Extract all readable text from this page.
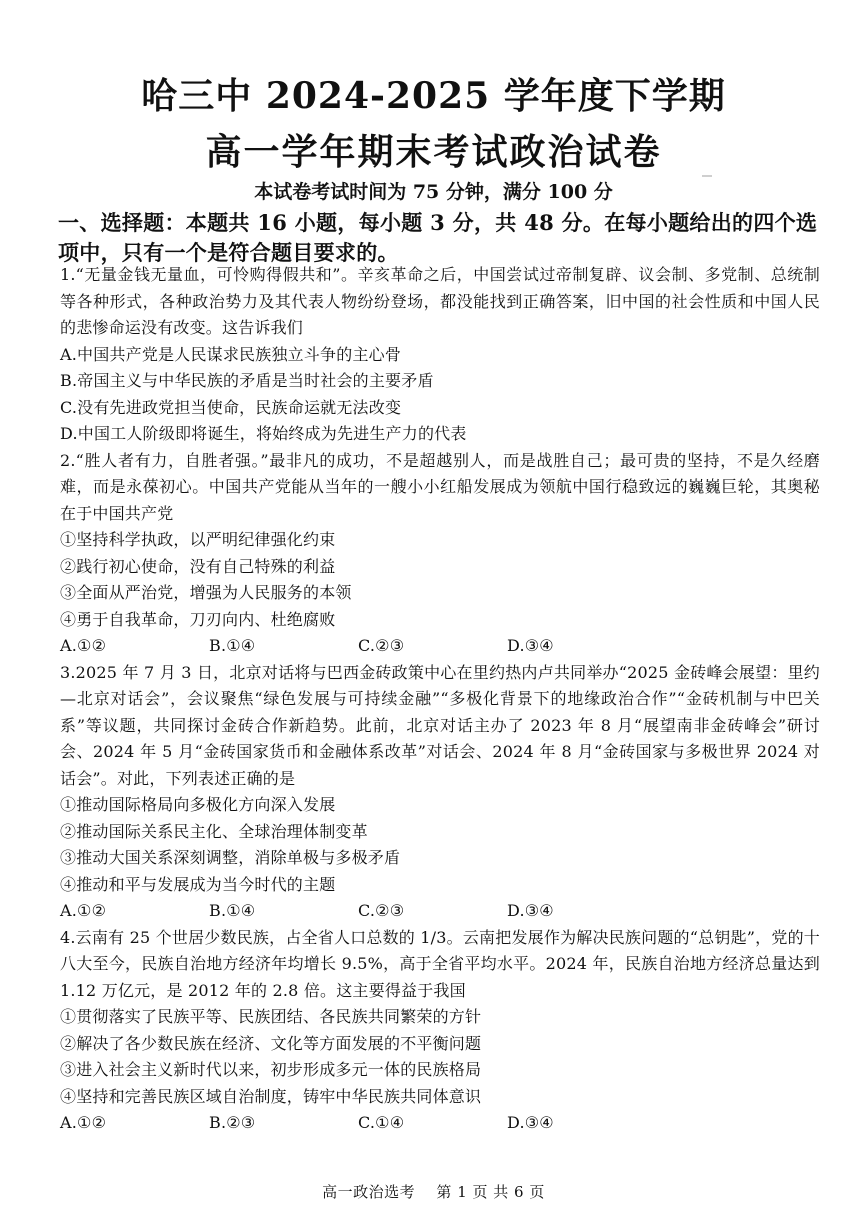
哈三中 2024-2025 学年度下学期
高一学年期末考试政治试卷
本试卷考试时间为 75 分钟，满分 100 分
一、选择题：本题共 16 小题，每小题 3 分，共 48 分。在每小题给出的四个选项中，只有一个是符合题目要求的。

1.“无量金钱无量血，可怜购得假共和”。辛亥革命之后，中国尝试过帝制复辟、议会制、多党制、总统制等各种形式，各种政治势力及其代表人物纷纷登场，都没能找到正确答案，旧中国的社会性质和中国人民的悲惨命运没有改变。这告诉我们

A.中国共产党是人民谋求民族独立斗争的主心骨

B.帝国主义与中华民族的矛盾是当时社会的主要矛盾

C.没有先进政党担当使命，民族命运就无法改变

D.中国工人阶级即将诞生，将始终成为先进生产力的代表

2.“胜人者有力，自胜者强。”最非凡的成功，不是超越别人，而是战胜自己；最可贵的坚持，不是久经磨难，而是永葆初心。中国共产党能从当年的一艘小小红船发展成为领航中国行稳致远的巍巍巨轮，其奥秘在于中国共产党

①坚持科学执政，以严明纪律强化约束

②践行初心使命，没有自己特殊的利益

③全面从严治党，增强为人民服务的本领

④勇于自我革命，刀刃向内、杜绝腐败

A.①②	B.①④	C.②③	D.③④

3.2025 年 7 月 3 日，北京对话将与巴西金砖政策中心在里约热内卢共同举办“2025 金砖峰会展望：里约—北京对话会”，会议聚焦“绿色发展与可持续金融”“多极化背景下的地缘政治合作”“金砖机制与中巴关系”等议题，共同探讨金砖合作新趋势。此前，北京对话主办了 2023 年 8 月“展望南非金砖峰会”研讨会、2024 年 5 月“金砖国家货币和金融体系改革”对话会、2024 年 8 月“金砖国家与多极世界 2024 对话会”。对此，下列表述正确的是

①推动国际格局向多极化方向深入发展

②推动国际关系民主化、全球治理体制变革

③推动大国关系深刻调整，消除单极与多极矛盾

④推动和平与发展成为当今时代的主题

A.①②	B.①④	C.②③	D.③④

4.云南有 25 个世居少数民族，占全省人口总数的 1/3。云南把发展作为解决民族问题的“总钥匙”，党的十八大至今，民族自治地方经济年均增长 9.5%，高于全省平均水平。2024 年，民族自治地方经济总量达到 1.12 万亿元，是 2012 年的 2.8 倍。这主要得益于我国

①贯彻落实了民族平等、民族团结、各民族共同繁荣的方针

②解决了各少数民族在经济、文化等方面发展的不平衡问题

③进入社会主义新时代以来，初步形成多元一体的民族格局

④坚持和完善民族区域自治制度，铸牢中华民族共同体意识

A.①②	B.②③	C.①④	D.③④
高一政治选考 第 1 页 共 6 页
